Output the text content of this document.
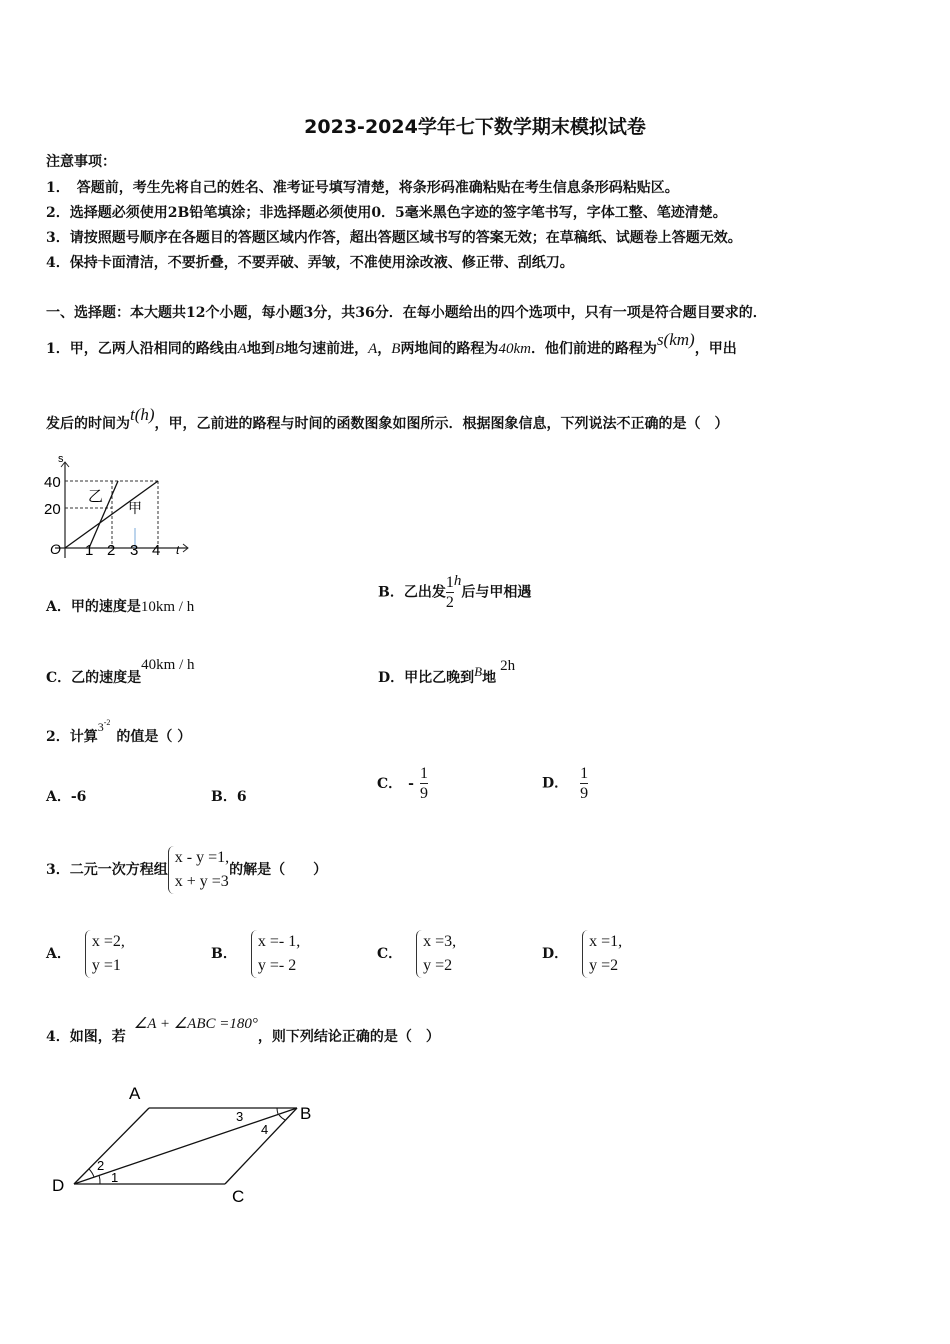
2023-2024学年七下数学期末模拟试卷
注意事项：
1．　答题前，考生先将自己的姓名、准考证号填写清楚，将条形码准确粘贴在考生信息条形码粘贴区。
2．选择题必须使用2B铅笔填涂；非选择题必须使用0．5毫米黑色字迹的签字笔书写，字体工整、笔迹清楚。
3．请按照题号顺序在各题目的答题区域内作答，超出答题区域书写的答案无效；在草稿纸、试题卷上答题无效。
4．保持卡面清洁，不要折叠，不要弄破、弄皱，不准使用涂改液、修正带、刮纸刀。
一、选择题：本大题共12个小题，每小题3分，共36分．在每小题给出的四个选项中，只有一项是符合题目要求的．
1．甲，乙两人沿相同的路线由A地到B地匀速前进，A，B两地间的路程为40km．他们前进的路程为s(km)，甲出
发后的时间为t(h)，甲，乙前进的路程与时间的函数图象如图所示．根据图象信息，下列说法不正确的是（　）
s
t
O
40
20
1 2 3 4
乙
甲
A．甲的速度是10km / h
B．乙出发 $\frac{1}{2}$ h后与甲相遇
C．乙的速度是40km / h
D．甲比乙晚到B地2h
2．计算$3^{-2}$的值是（ ）
A．-6	B．6
C． - $\frac{1}{9}$	D． $\frac{1}{9}$
3．二元一次方程组
x - y =1,
x + y =3
的解是（　　）
A．
x =2,
y =1
B．
x =- 1,
y =- 2
C．
x =3,
y =2
D．
x =1,
y =2
4．如图，若∠A + ∠ABC =180°，则下列结论正确的是（　）
A
B
C
D	1
2
3
4
